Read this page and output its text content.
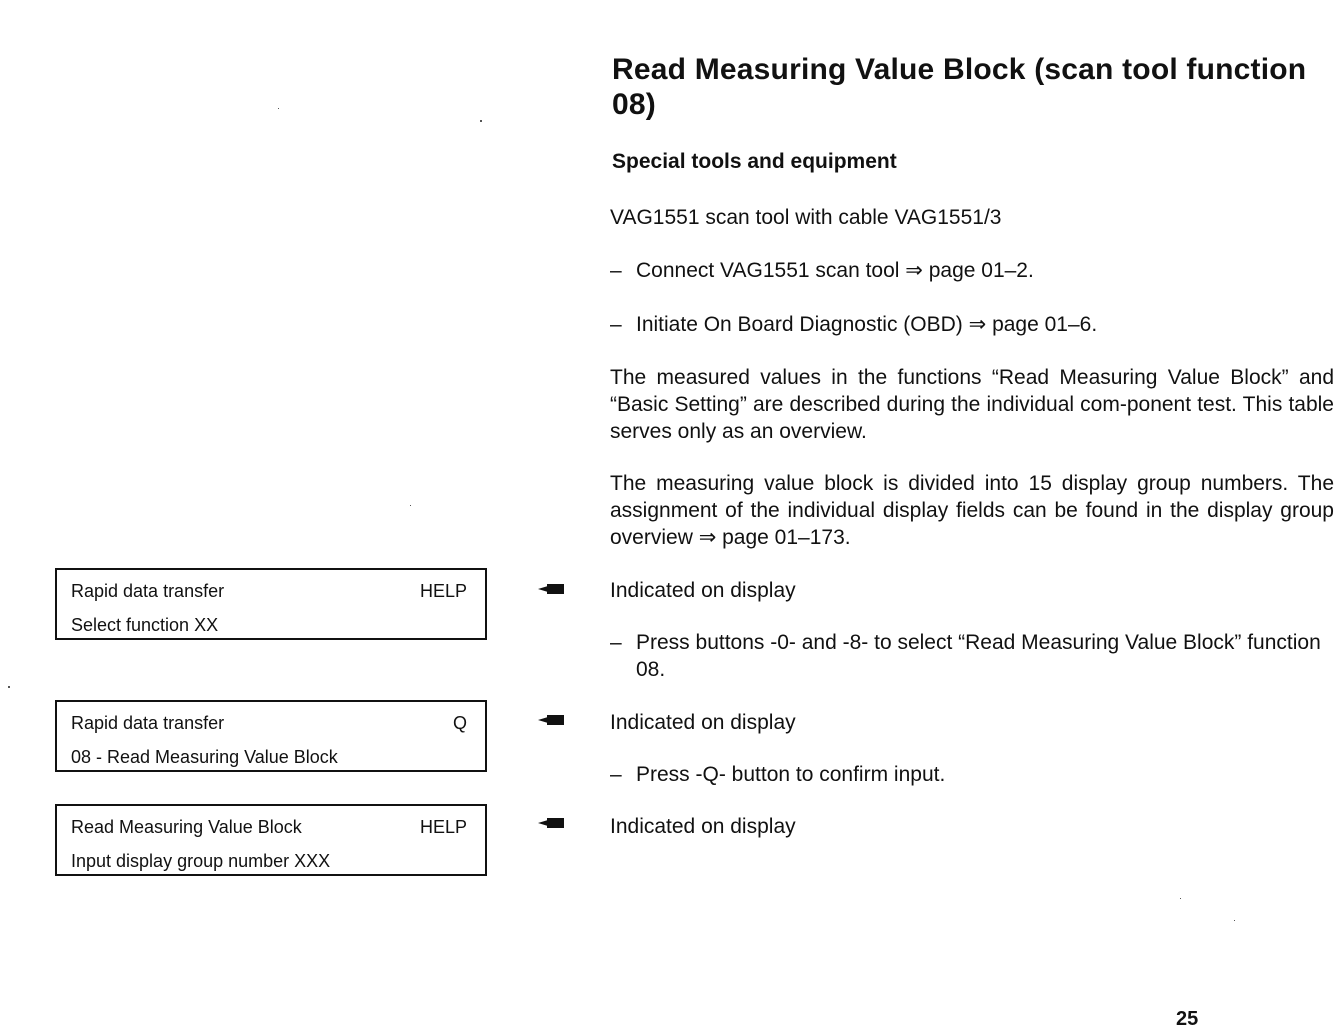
Read Measuring Value Block (scan tool function 08)
Special tools and equipment
VAG1551 scan tool with cable VAG1551/3
– Connect VAG1551 scan tool ⇒ page 01–2.
– Initiate On Board Diagnostic (OBD) ⇒ page 01–6.
The measured values in the functions “Read Measuring Value Block” and “Basic Setting” are described during the individual com-ponent test. This table serves only as an overview.
The measuring value block is divided into 15 display group numbers. The assignment of the individual display fields can be found in the display group overview ⇒ page 01–173.
Rapid data transfer	HELP
Select function XX
Indicated on display
– Press buttons -0- and -8- to select “Read Measuring Value Block” function 08.
Rapid data transfer	Q
08 - Read Measuring Value Block
Indicated on display
– Press -Q- button to confirm input.
Read Measuring Value Block	HELP
Input display group number XXX
Indicated on display
25
